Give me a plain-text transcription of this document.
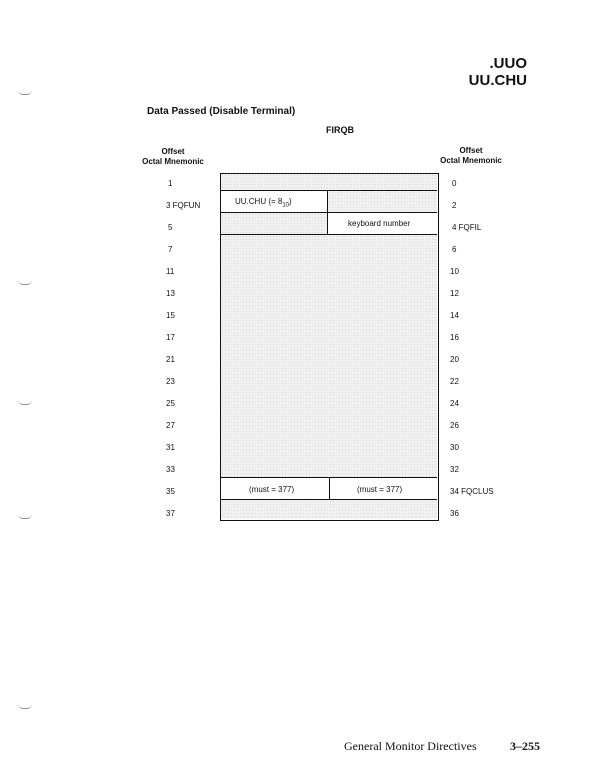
.UUO
UU.CHU
Data Passed (Disable Terminal)
FIRQB
Offset
Octal Mnemonic
Offset
Octal Mnemonic
1
3 FQFUN
5
7
11
13
15
17
21
23
25
27
31
33
35
37
0
2
4 FQFIL
6
10
12
14
16
20
22
24
26
30
32
34 FQCLUS
36
UU.CHU (= $8_{10}$)
keyboard number
(must = 377)	(must = 377)
General Monitor Directives	3–255
